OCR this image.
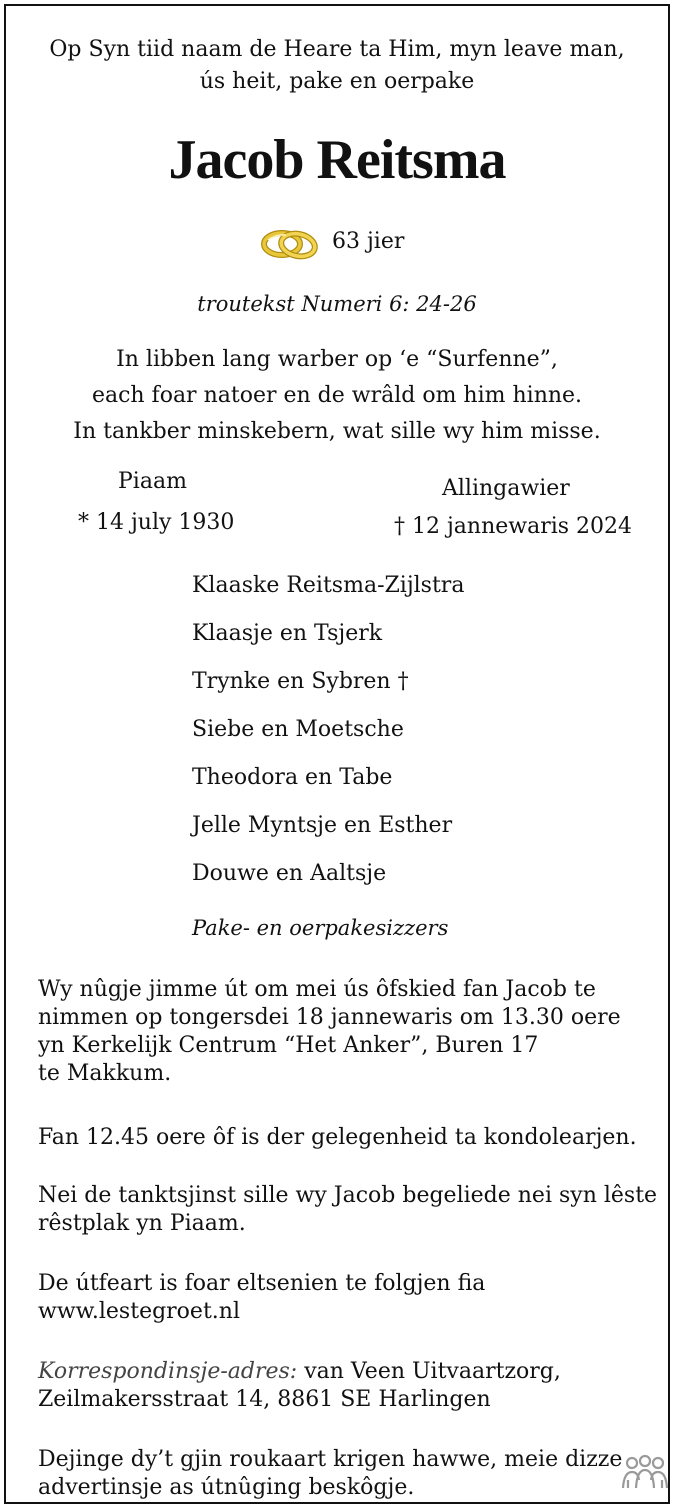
Op Syn tiid naam de Heare ta Him, myn leave man,
ús heit, pake en oerpake
Jacob Reitsma
63 jier
troutekst Numeri 6: 24-26
In libben lang warber op ‘e “Surfenne”,
each foar natoer en de wrâld om him hinne.
In tankber minskebern, wat sille wy him misse.
Piaam
* 14 july 1930
Allingawier
† 12 jannewaris 2024
Klaaske Reitsma-Zijlstra
Klaasje en Tsjerk
Trynke en Sybren †
Siebe en Moetsche
Theodora en Tabe
Jelle Myntsje en Esther
Douwe en Aaltsje
Pake- en oerpakesizzers
Wy nûgje jimme út om mei ús ôfskied fan Jacob te
nimmen op tongersdei 18 jannewaris om 13.30 oere
yn Kerkelijk Centrum “Het Anker”, Buren 17
te Makkum.
Fan 12.45 oere ôf is der gelegenheid ta kondolearjen.
Nei de tanktsjinst sille wy Jacob begeliede nei syn lêste
rêstplak yn Piaam.
De útfeart is foar eltsenien te folgjen fia
www.lestegroet.nl
Korrespondinsje-adres: van Veen Uitvaartzorg,
Zeilmakersstraat 14, 8861 SE Harlingen
Dejinge dy’t gjin roukaart krigen hawwe, meie dizze
advertinsje as útnûging beskôgje.
